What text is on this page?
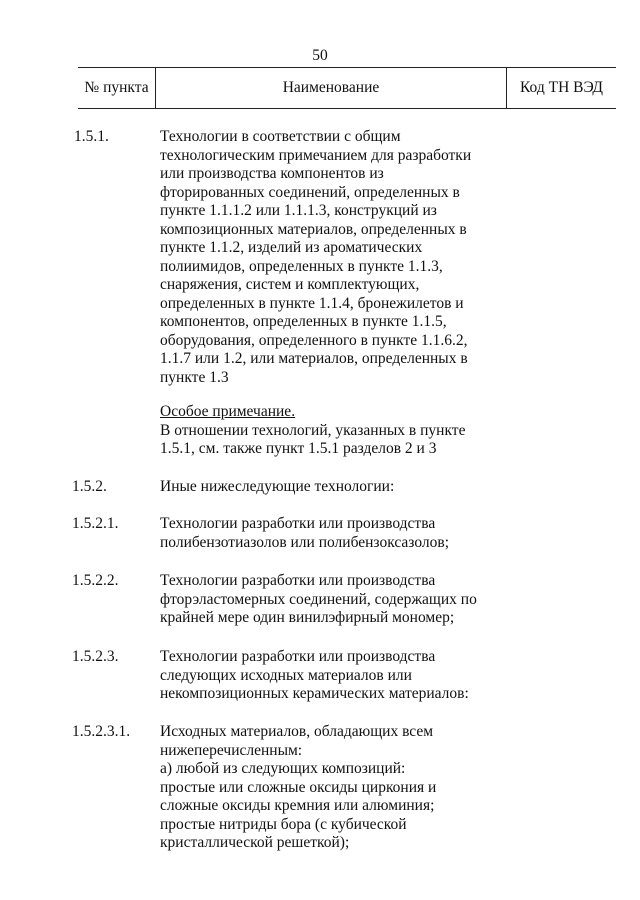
50
№ пункта	Наименование	Код ТН ВЭД
1.5.1.	Технологии в соответствии с общим

технологическим примечанием для разработки

или производства компонентов из

фторированных соединений, определенных в

пункте 1.1.1.2 или 1.1.1.3, конструкций из

композиционных материалов, определенных в

пункте 1.1.2, изделий из ароматических

полиимидов, определенных в пункте 1.1.3,

снаряжения, систем и комплектующих,

определенных в пункте 1.1.4, бронежилетов и

компонентов, определенных в пункте 1.1.5,

оборудования, определенного в пункте 1.1.6.2,

1.1.7 или 1.2, или материалов, определенных в

пункте 1.3

Особое примечание.

В отношении технологий, указанных в пункте

1.5.1, см. также пункт 1.5.1 разделов 2 и 3

1.5.2.	Иные нижеследующие технологии:

1.5.2.1.	Технологии разработки или производства

полибензотиазолов или полибензоксазолов;

1.5.2.2.	Технологии разработки или производства

фторэластомерных соединений, содержащих по

крайней мере один винилэфирный мономер;

1.5.2.3.	Технологии разработки или производства

следующих исходных материалов или

некомпозиционных керамических материалов:

1.5.2.3.1. Исходных материалов, обладающих всем

нижеперечисленным:

а) любой из следующих композиций:

простые или сложные оксиды циркония и

сложные оксиды кремния или алюминия;

простые нитриды бора (с кубической

кристаллической решеткой);
